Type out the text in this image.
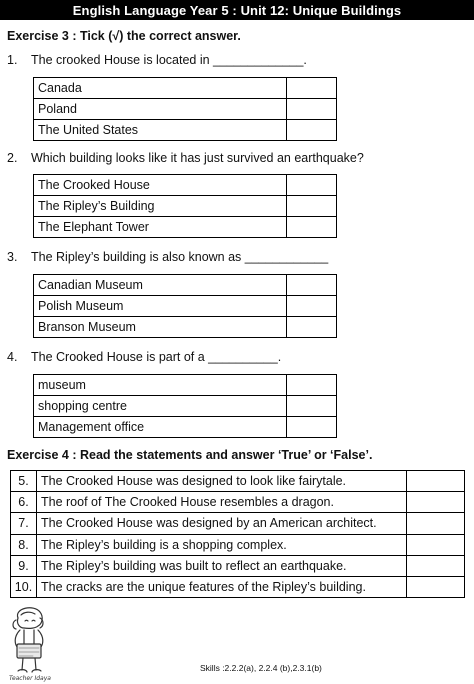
English Language Year 5 : Unit 12: Unique Buildings
Exercise 3 : Tick (√) the correct answer.
1.	The crooked House is located in _____________.
Canada	
Poland	
The United States	
2.	Which building looks like it has just survived an earthquake?
The Crooked House	
The Ripley’s Building	
The Elephant Tower	
3.	The Ripley’s building is also known as ____________
Canadian Museum	
Polish Museum	
Branson Museum	
4.	The Crooked House is part of a __________.
museum	
shopping centre	
Management office	
Exercise 4 : Read the statements and answer ‘True’ or ‘False’.
5.	The Crooked House was designed to look like fairytale.	
6.	The roof of The Crooked House resembles a dragon.	
7.	The Crooked House was designed by an American architect.	
8.	The Ripley’s building is a shopping complex.	
9.	The Ripley’s building was built to reflect an earthquake.	
10.	The cracks are the unique features of the Ripley’s building.	
Teacher Idaya
Skills :2.2.2(a), 2.2.4 (b),2.3.1(b)
